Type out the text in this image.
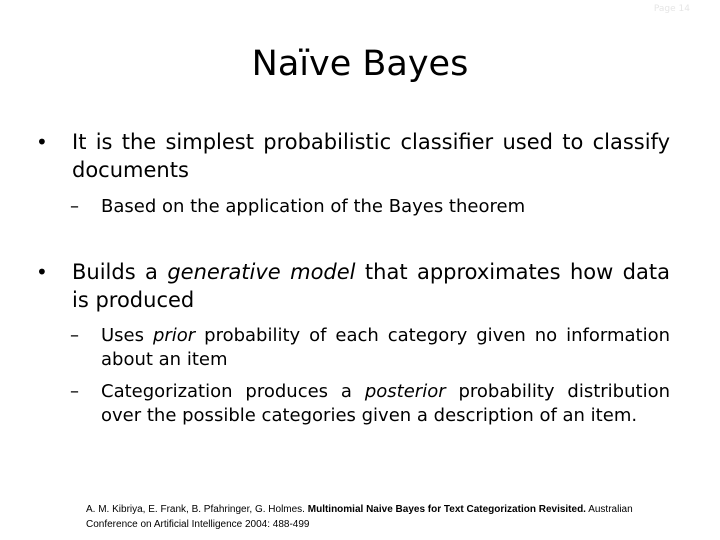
Page 14
Naïve Bayes
•	It is the simplest probabilistic classifier used to classify documents
–	Based on the application of the Bayes theorem
•	Builds a generative model that approximates how data is produced
–	Uses prior probability of each category given no information about an item
–	Categorization produces a posterior probability distribution over the possible categories given a description of an item.
A. M. Kibriya, E. Frank, B. Pfahringer, G. Holmes. Multinomial Naive Bayes for Text Categorization Revisited. Australian Conference on Artificial Intelligence 2004: 488-499
